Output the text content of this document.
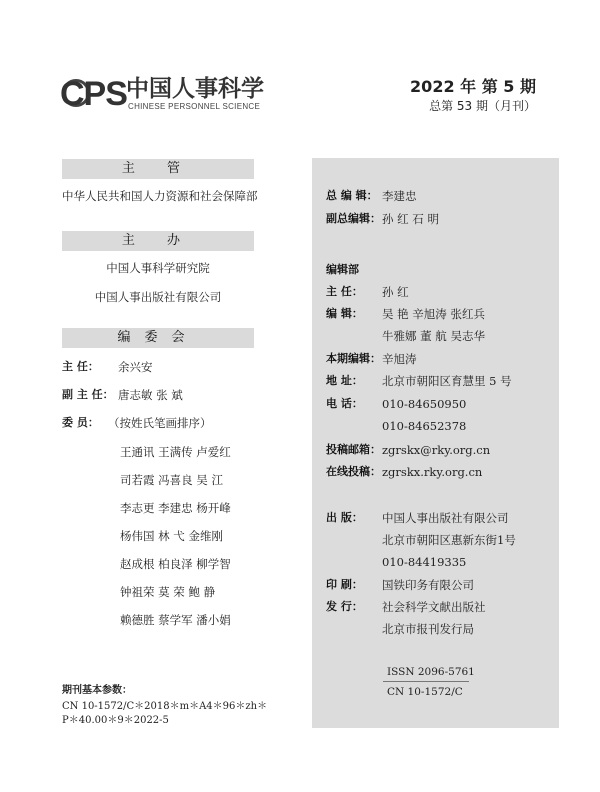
CPS 中国人事科学
CHINESE PERSONNEL SCIENCE
2022 年 第 5 期
总第 53 期（月刊）
主 管
中华人民共和国人力资源和社会保障部
主 办
中国人事科学研究院
中国人事出版社有限公司
编委会
主 任： 余兴安
副 主 任： 唐志敏 张 斌
委 员： （按姓氏笔画排序）
王通讯 王满传 卢爱红
司若霞 冯喜良 吴 江
李志更 李建忠 杨开峰
杨伟国 林 弋 金维刚
赵成根 柏良泽 柳学智
钟祖荣 莫 荣 鲍 静
赖德胜 蔡学军 潘小娟
期刊基本参数：
CN 10-1572/C＊2018＊m＊A4＊96＊zh＊
P＊40.00＊9＊2022-5
总 编 辑： 李建忠
副总编辑： 孙 红 石 明
编辑部
主 任： 孙 红
编 辑： 吴 艳 辛旭涛 张红兵
牛雅娜 董 航 吴志华
本期编辑： 辛旭涛
地 址： 北京市朝阳区育慧里 5 号
电 话： 010-84650950
010-84652378
投稿邮箱： zgrskx@rky.org.cn
在线投稿： zgrskx.rky.org.cn
出 版： 中国人事出版社有限公司
北京市朝阳区惠新东街1号
010-84419335
印 刷： 国铁印务有限公司
发 行： 社会科学文献出版社
北京市报刊发行局
ISSN 2096-5761
CN 10-1572/C
